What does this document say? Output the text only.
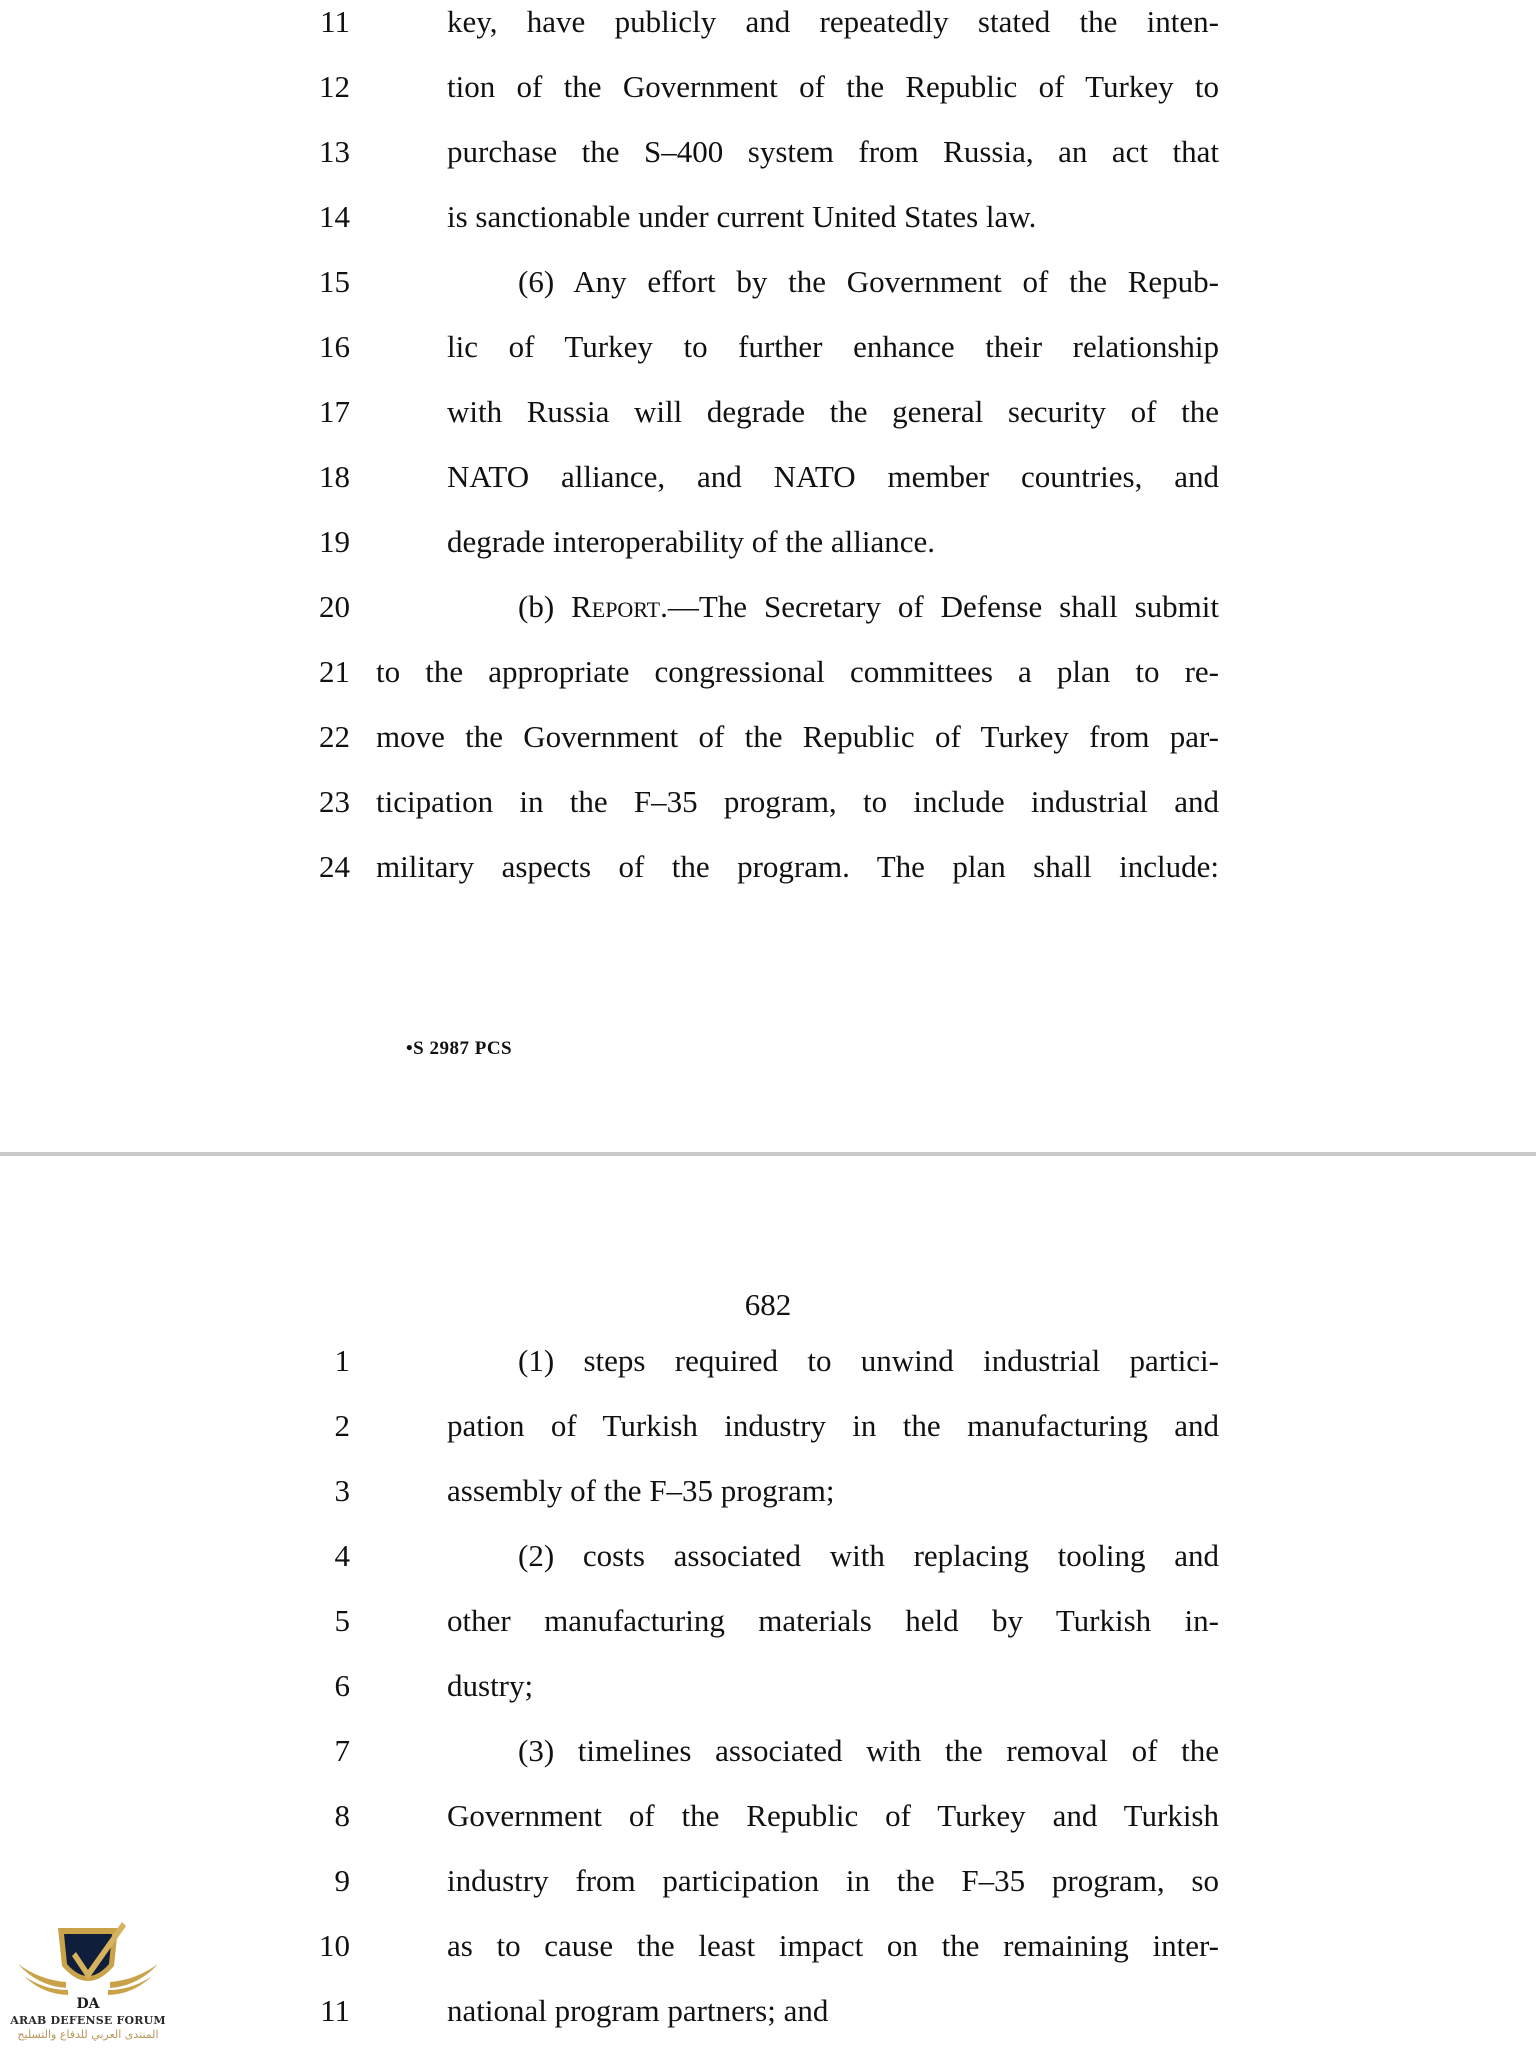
11	key, have publicly and repeatedly stated the inten-
12	tion of the Government of the Republic of Turkey to
13	purchase the S–400 system from Russia, an act that
14	is sanctionable under current United States law.
15	(6) Any effort by the Government of the Repub-
16	lic of Turkey to further enhance their relationship
17	with Russia will degrade the general security of the
18	NATO alliance, and NATO member countries, and
19	degrade interoperability of the alliance.
20	(b) Report.—The Secretary of Defense shall submit
21 to the appropriate congressional committees a plan to re-
22 move the Government of the Republic of Turkey from par-
23 ticipation in the F–35 program, to include industrial and
24 military aspects of the program. The plan shall include:
•S 2987 PCS
682
1	(1) steps required to unwind industrial partici-
2	pation of Turkish industry in the manufacturing and
3	assembly of the F–35 program;
4	(2) costs associated with replacing tooling and
5	other manufacturing materials held by Turkish in-
6	dustry;
7	(3) timelines associated with the removal of the
8	Government of the Republic of Turkey and Turkish
9	industry from participation in the F–35 program, so
10	as to cause the least impact on the remaining inter-
11	national program partners; and
DA
ARAB DEFENSE FORUM
المنتدى العربي للدفاع والتسليح
